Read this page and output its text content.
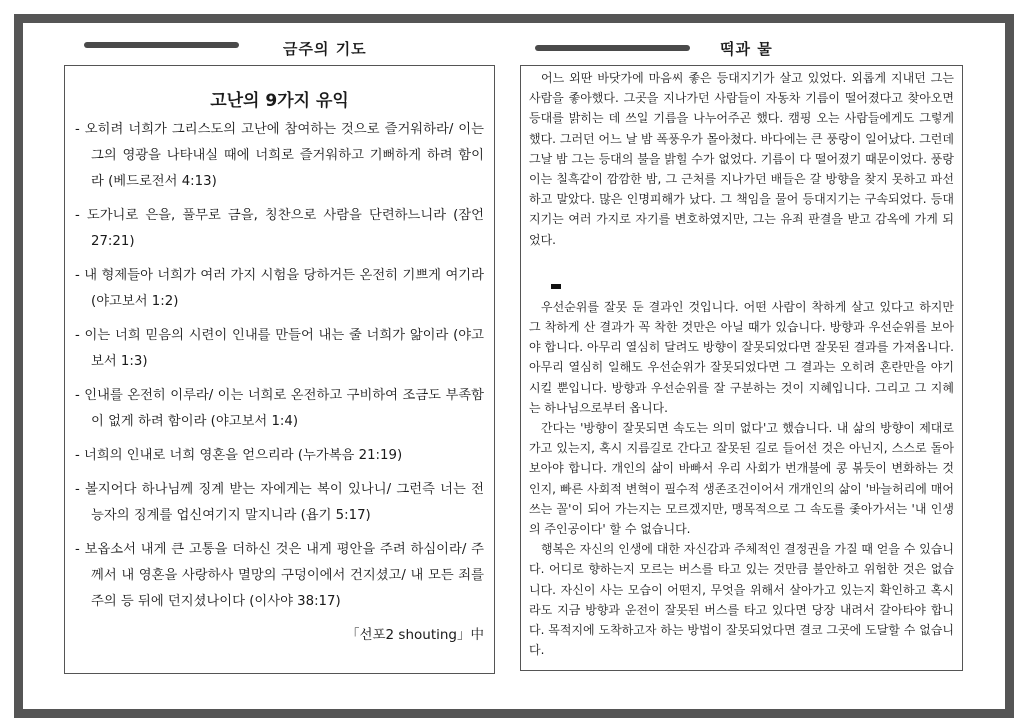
금주의 기도	떡과 물
고난의 9가지 유익

- 오히려 너희가 그리스도의 고난에 참여하는 것으로 즐거워하라/ 이는 그의 영광을 나타내실 때에 너희로 즐거워하고 기뻐하게 하려 함이라 (베드로전서 4:13)

- 도가니로 은을, 풀무로 금을, 칭찬으로 사람을 단련하느니라 (잠언 27:21)

- 내 형제들아 너희가 여러 가지 시험을 당하거든 온전히 기쁘게 여기라 (야고보서 1:2)

- 이는 너희 믿음의 시련이 인내를 만들어 내는 줄 너희가 앎이라 (야고보서 1:3)

- 인내를 온전히 이루라/ 이는 너희로 온전하고 구비하여 조금도 부족함이 없게 하려 함이라 (야고보서 1:4)

- 너희의 인내로 너희 영혼을 얻으리라 (누가복음 21:19)

- 볼지어다 하나님께 징계 받는 자에게는 복이 있나니/ 그런즉 너는 전능자의 징계를 업신여기지 말지니라 (욥기 5:17)

- 보옵소서 내게 큰 고통을 더하신 것은 내게 평안을 주려 하심이라/ 주께서 내 영혼을 사랑하사 멸망의 구덩이에서 건지셨고/ 내 모든 죄를 주의 등 뒤에 던지셨나이다 (이사야 38:17)

「선포2 shouting」中

어느 외딴 바닷가에 마음씨 좋은 등대지기가 살고 있었다. 외롭게 지내던 그는 사람을 좋아했다. 그곳을 지나가던 사람들이 자동차 기름이 떨어졌다고 찾아오면 등대를 밝히는 데 쓰일 기름을 나누어주곤 했다. 캠핑 오는 사람들에게도 그렇게 했다. 그러던 어느 날 밤 폭풍우가 몰아쳤다. 바다에는 큰 풍랑이 일어났다. 그런데 그날 밤 그는 등대의 불을 밝힐 수가 없었다. 기름이 다 떨어졌기 때문이었다. 풍랑 이는 칠흑같이 깜깜한 밤, 그 근처를 지나가던 배들은 갈 방향을 찾지 못하고 파선하고 말았다. 많은 인명피해가 났다. 그 책임을 물어 등대지기는 구속되었다. 등대지기는 여러 가지로 자기를 변호하였지만, 그는 유죄 판결을 받고 감옥에 가게 되었다.

우선순위를 잘못 둔 결과인 것입니다. 어떤 사람이 착하게 살고 있다고 하지만 그 착하게 산 결과가 꼭 착한 것만은 아닐 때가 있습니다. 방향과 우선순위를 보아야 합니다. 아무리 열심히 달려도 방향이 잘못되었다면 잘못된 결과를 가져옵니다. 아무리 열심히 일해도 우선순위가 잘못되었다면 그 결과는 오히려 혼란만을 야기 시킬 뿐입니다. 방향과 우선순위를 잘 구분하는 것이 지혜입니다. 그리고 그 지혜는 하나님으로부터 옵니다.

간다는 '방향이 잘못되면 속도는 의미 없다'고 했습니다. 내 삶의 방향이 제대로 가고 있는지, 혹시 지름길로 간다고 잘못된 길로 들어선 것은 아닌지, 스스로 돌아보아야 합니다. 개인의 삶이 바빠서 우리 사회가 번개불에 콩 볶듯이 변화하는 것인지, 빠른 사회적 변혁이 필수적 생존조건이어서 개개인의 삶이 '바늘허리에 매어 쓰는 꼴'이 되어 가는지는 모르겠지만, 맹목적으로 그 속도를 좇아가서는 '내 인생의 주인공이다' 할 수 없습니다.

행복은 자신의 인생에 대한 자신감과 주체적인 결정권을 가질 때 얻을 수 있습니다. 어디로 향하는지 모르는 버스를 타고 있는 것만큼 불안하고 위험한 것은 없습니다. 자신이 사는 모습이 어떤지, 무엇을 위해서 살아가고 있는지 확인하고 혹시라도 지금 방향과 운전이 잘못된 버스를 타고 있다면 당장 내려서 갈아타야 합니다. 목적지에 도착하고자 하는 방법이 잘못되었다면 결코 그곳에 도달할 수 없습니다.
